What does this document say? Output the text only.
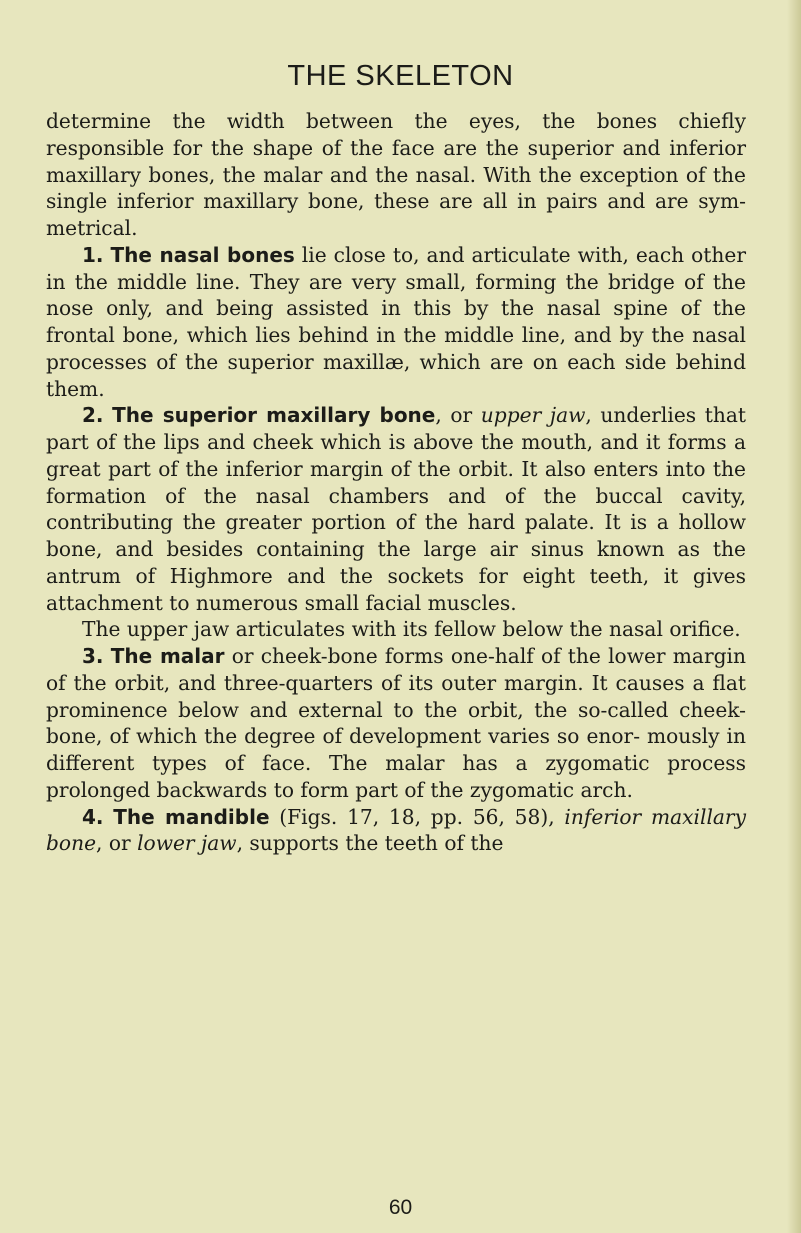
THE SKELETON

determine the width between the eyes, the bones chiefly responsible for the shape of the face are the superior and inferior maxillary bones, the malar and the nasal. With the exception of the single inferior maxillary bone, these are all in pairs and are sym- metrical.

1. The nasal bones lie close to, and articulate with, each other in the middle line. They are very small, forming the bridge of the nose only, and being assisted in this by the nasal spine of the frontal bone, which lies behind in the middle line, and by the nasal processes of the superior maxillæ, which are on each side behind them.

2. The superior maxillary bone, or upper jaw, underlies that part of the lips and cheek which is above the mouth, and it forms a great part of the inferior margin of the orbit. It also enters into the formation of the nasal chambers and of the buccal cavity, contributing the greater portion of the hard palate. It is a hollow bone, and besides containing the large air sinus known as the antrum of Highmore and the sockets for eight teeth, it gives attachment to numerous small facial muscles.

The upper jaw articulates with its fellow below the nasal orifice.

3. The malar or cheek-bone forms one-half of the lower margin of the orbit, and three-quarters of its outer margin. It causes a flat prominence below and external to the orbit, the so-called cheek-bone, of which the degree of development varies so enor- mously in different types of face. The malar has a zygomatic process prolonged backwards to form part of the zygomatic arch.

4. The mandible (Figs. 17, 18, pp. 56, 58), inferior maxillary bone, or lower jaw, supports the teeth of the

60
